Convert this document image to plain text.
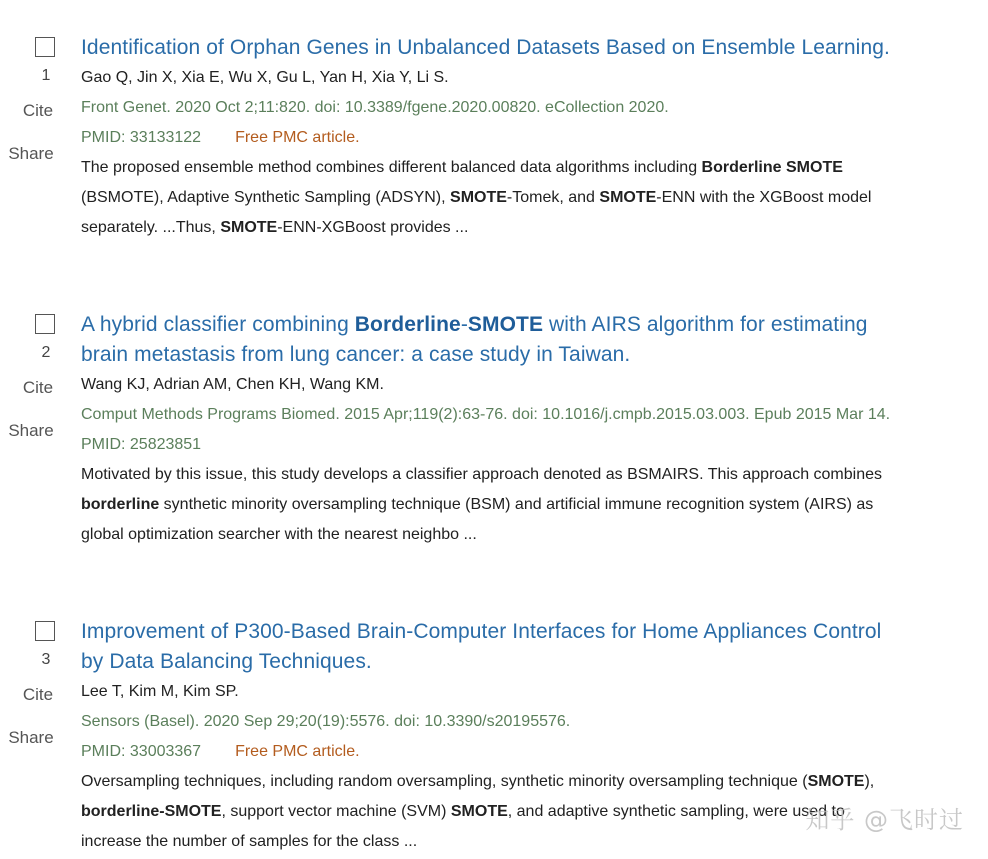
1
Cite
Share
Identification of Orphan Genes in Unbalanced Datasets Based on Ensemble Learning.
Gao Q, Jin X, Xia E, Wu X, Gu L, Yan H, Xia Y, Li S.
Front Genet. 2020 Oct 2;11:820. doi: 10.3389/fgene.2020.00820. eCollection 2020.
PMID: 33133122 Free PMC article.
The proposed ensemble method combines different balanced data algorithms including Borderline SMOTE (BSMOTE), Adaptive Synthetic Sampling (ADSYN), SMOTE-Tomek, and SMOTE-ENN with the XGBoost model separately. ...Thus, SMOTE-ENN-XGBoost provides ...
2
Cite
Share
A hybrid classifier combining Borderline-SMOTE with AIRS algorithm for estimating brain metastasis from lung cancer: a case study in Taiwan.
Wang KJ, Adrian AM, Chen KH, Wang KM.
Comput Methods Programs Biomed. 2015 Apr;119(2):63-76. doi: 10.1016/j.cmpb.2015.03.003. Epub 2015 Mar 14.
PMID: 25823851
Motivated by this issue, this study develops a classifier approach denoted as BSMAIRS. This approach combines borderline synthetic minority oversampling technique (BSM) and artificial immune recognition system (AIRS) as global optimization searcher with the nearest neighbo ...
3
Cite
Share
Improvement of P300-Based Brain-Computer Interfaces for Home Appliances Control by Data Balancing Techniques.
Lee T, Kim M, Kim SP.
Sensors (Basel). 2020 Sep 29;20(19):5576. doi: 10.3390/s20195576.
PMID: 33003367 Free PMC article.
Oversampling techniques, including random oversampling, synthetic minority oversampling technique (SMOTE), borderline-SMOTE, support vector machine (SVM) SMOTE, and adaptive synthetic sampling, were used to increase the number of samples for the class ...
知乎 @飞时过
